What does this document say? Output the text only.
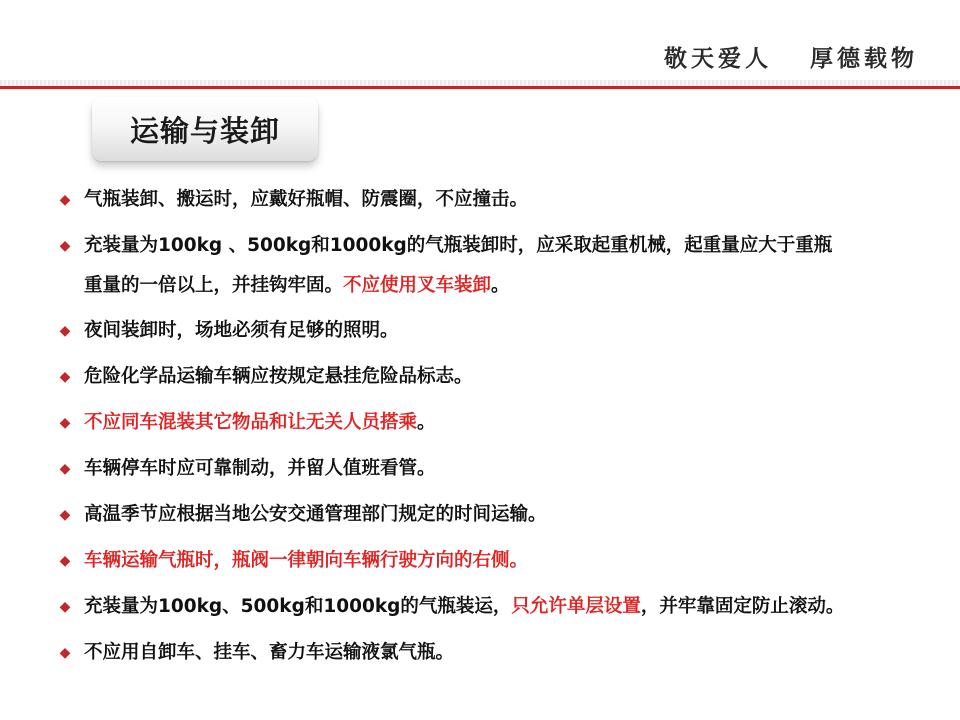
敬天爱人 厚德载物
运输与装卸
◆ 气瓶装卸、搬运时，应戴好瓶帽、防震圈，不应撞击。
◆ 充装量为100kg 、500kg和1000kg的气瓶装卸时，应采取起重机械，起重量应大于重瓶
重量的一倍以上，并挂钩牢固。不应使用叉车装卸。
◆ 夜间装卸时，场地必须有足够的照明。
◆ 危险化学品运输车辆应按规定悬挂危险品标志。
◆ 不应同车混装其它物品和让无关人员搭乘。
◆ 车辆停车时应可靠制动，并留人值班看管。
◆ 高温季节应根据当地公安交通管理部门规定的时间运输。
◆ 车辆运输气瓶时，瓶阀一律朝向车辆行驶方向的右侧。
◆ 充装量为100kg、500kg和1000kg的气瓶装运，只允许单层设置，并牢靠固定防止滚动。
◆ 不应用自卸车、挂车、畜力车运输液氯气瓶。
